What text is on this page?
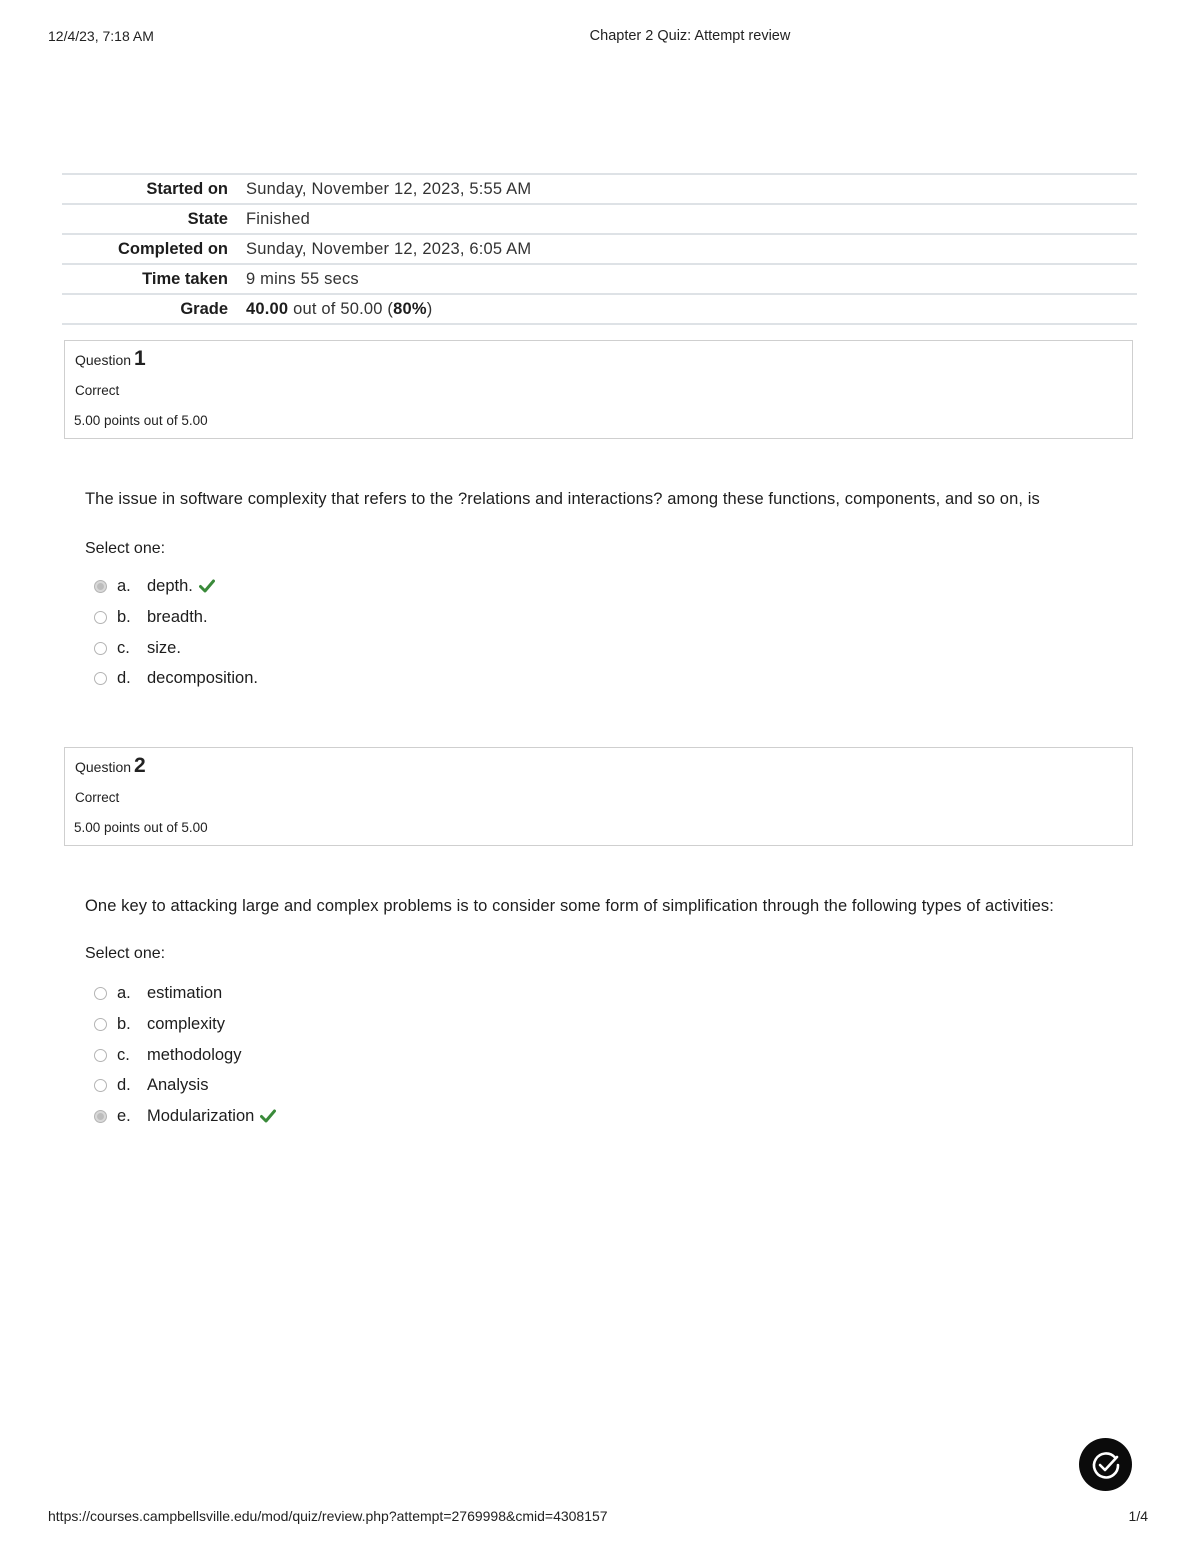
12/4/23, 7:18 AM	Chapter 2 Quiz: Attempt review
Started on	Sunday, November 12, 2023, 5:55 AM
State	Finished
Completed on	Sunday, November 12, 2023, 6:05 AM
Time taken	9 mins 55 secs
Grade	40.00 out of 50.00 (80%)
Question 1
Correct
5.00 points out of 5.00
The issue in software complexity that refers to the ?relations and interactions? among these functions, components, and so on, is
Select one:
a. depth.
b. breadth.
c.	size.
d. decomposition.
Question 2
Correct
5.00 points out of 5.00
One key to attacking large and complex problems is to consider some form of simplification through the following types of activities:
Select one:
a. estimation
b. complexity
c.	methodology
d. Analysis
e. Modularization
https://courses.campbellsville.edu/mod/quiz/review.php?attempt=2769998&cmid=4308157	1/4
